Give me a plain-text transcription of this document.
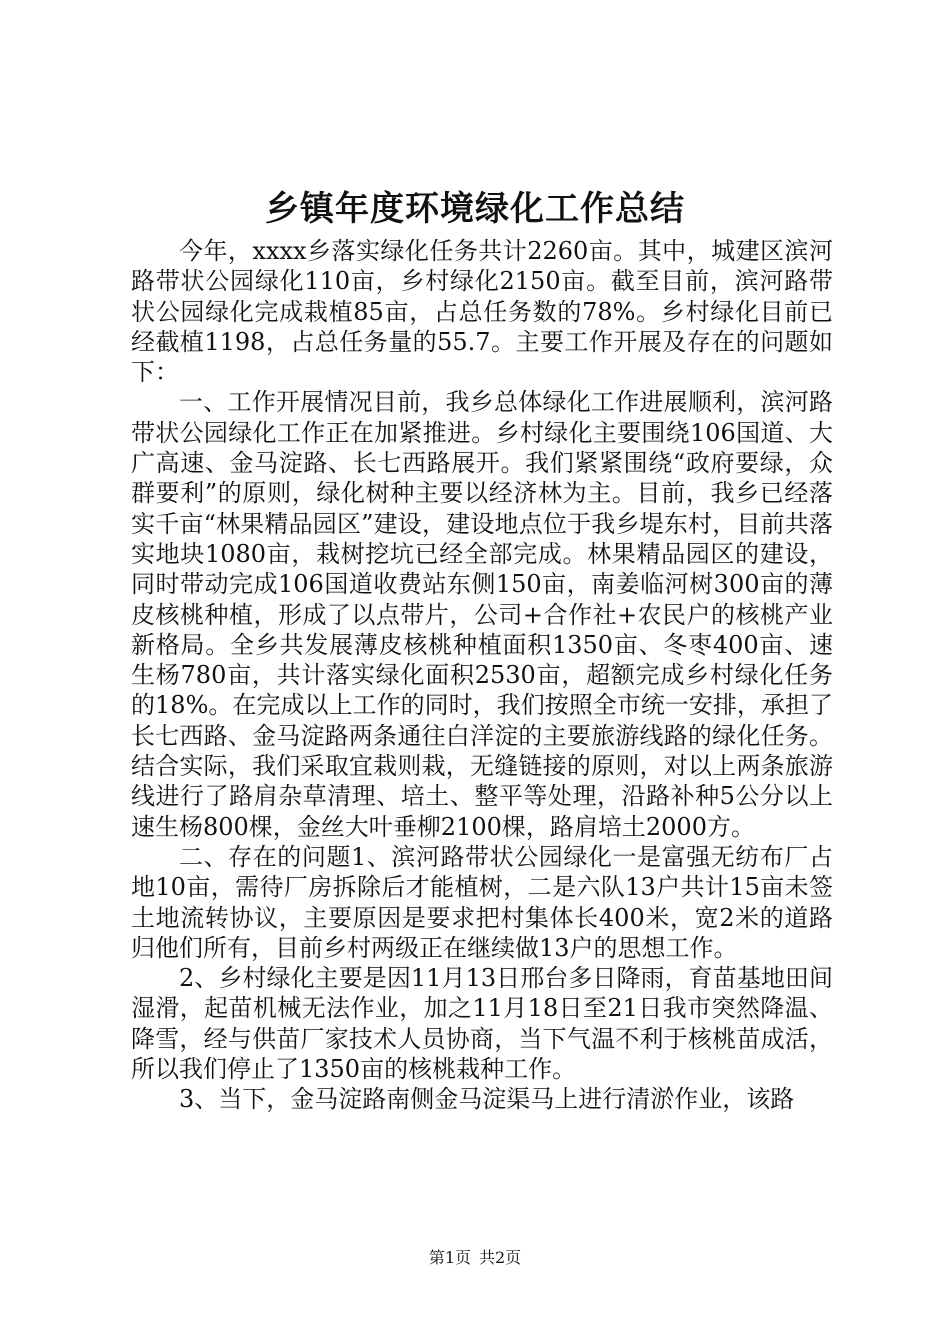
乡镇年度环境绿化工作总结

今年，xxxx乡落实绿化任务共计2260亩。其中，城建区滨河路带状公园绿化110亩，乡村绿化2150亩。截至目前，滨河路带状公园绿化完成栽植85亩，占总任务数的78%。乡村绿化目前已经截植1198，占总任务量的55.7。主要工作开展及存在的问题如下：

一、工作开展情况目前，我乡总体绿化工作进展顺利，滨河路带状公园绿化工作正在加紧推进。乡村绿化主要围绕106国道、大广高速、金马淀路、长七西路展开。我们紧紧围绕“政府要绿，众群要利”的原则，绿化树种主要以经济林为主。目前，我乡已经落实千亩“林果精品园区”建设，建设地点位于我乡堤东村，目前共落实地块1080亩，栽树挖坑已经全部完成。林果精品园区的建设，同时带动完成106国道收费站东侧150亩，南姜临河树300亩的薄皮核桃种植，形成了以点带片，公司+合作社+农民户的核桃产业新格局。全乡共发展薄皮核桃种植面积1350亩、冬枣400亩、速生杨780亩，共计落实绿化面积2530亩，超额完成乡村绿化任务的18%。在完成以上工作的同时，我们按照全市统一安排，承担了长七西路、金马淀路两条通往白洋淀的主要旅游线路的绿化任务。结合实际，我们采取宜栽则栽，无缝链接的原则，对以上两条旅游线进行了路肩杂草清理、培土、整平等处理，沿路补种5公分以上速生杨800棵，金丝大叶垂柳2100棵，路肩培土2000方。

二、存在的问题1、滨河路带状公园绿化一是富强无纺布厂占地10亩，需待厂房拆除后才能植树，二是六队13户共计15亩未签土地流转协议，主要原因是要求把村集体长400米，宽2米的道路归他们所有，目前乡村两级正在继续做13户的思想工作。

2、乡村绿化主要是因11月13日邢台多日降雨，育苗基地田间湿滑，起苗机械无法作业，加之11月18日至21日我市突然降温、降雪，经与供苗厂家技术人员协商，当下气温不利于核桃苗成活，所以我们停止了1350亩的核桃栽种工作。

3、当下，金马淀路南侧金马淀渠马上进行清淤作业，该路

第1页 共2页
